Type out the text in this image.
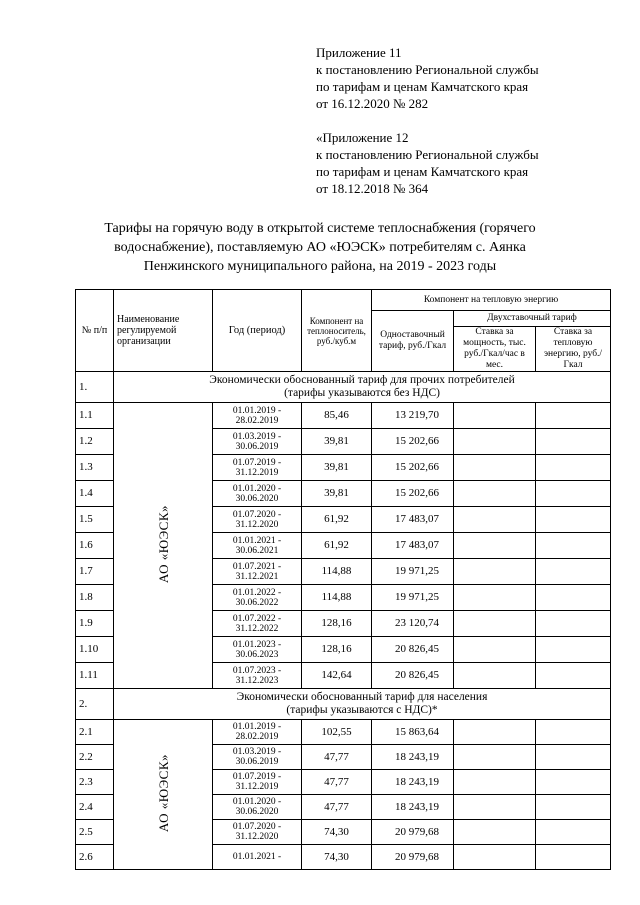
Приложение 11

к постановлению Региональной службы

по тарифам и ценам Камчатского края

от 16.12.2020 № 282

«Приложение 12

к постановлению Региональной службы

по тарифам и ценам Камчатского края

от 18.12.2018 № 364

Тарифы на горячую воду в открытой системе теплоснабжения (горячего
водоснабжение), поставляемую АО «ЮЭСК» потребителям с. Аянка
Пенжинского муниципального района, на 2019 - 2023 годы
№ п/п	Наименование регулируемой организации	Год (период)	Компонент на теплоноситель, руб./куб.м	Компонент на тепловую энергию		
				Одноставочный тариф, руб./Гкал	Двухставочный тариф	
					Ставка за мощность, тыс. руб./Гкал/час в мес.	Ставка за тепловую энергию, руб./Гкал
1.	Экономически обоснованный тариф для прочих потребителей
(тарифы указываются без НДС)					

1.1	АО «ЮЭСК»	01.01.2019 -
28.02.2019	85,46	13 219,70		
1.2		01.03.2019 -
30.06.2019	39,81	15 202,66		
1.3		01.07.2019 -
31.12.2019	39,81	15 202,66		
1.4		01.01.2020 -
30.06.2020	39,81	15 202,66		
1.5		01.07.2020 -
31.12.2020	61,92	17 483,07		
1.6		01.01.2021 -
30.06.2021	61,92	17 483,07		
1.7		01.07.2021 -
31.12.2021	114,88	19 971,25		
1.8		01.01.2022 -
30.06.2022	114,88	19 971,25		
1.9		01.07.2022 -
31.12.2022	128,16	23 120,74		
1.10		01.01.2023 -
30.06.2023	128,16	20 826,45		
1.11		01.07.2023 -
31.12.2023	142,64	20 826,45		
2.	Экономически обоснованный тариф для населения
(тарифы указываются с НДС)*					

2.1	АО «ЮЭСК»	01.01.2019 -
28.02.2019	102,55	15 863,64		
2.2		01.03.2019 -
30.06.2019	47,77	18 243,19		
2.3		01.07.2019 -
31.12.2019	47,77	18 243,19		
2.4		01.01.2020 -
30.06.2020	47,77	18 243,19		
2.5		01.07.2020 -
31.12.2020	74,30	20 979,68		
2.6		01.01.2021 -	74,30	20 979,68		
